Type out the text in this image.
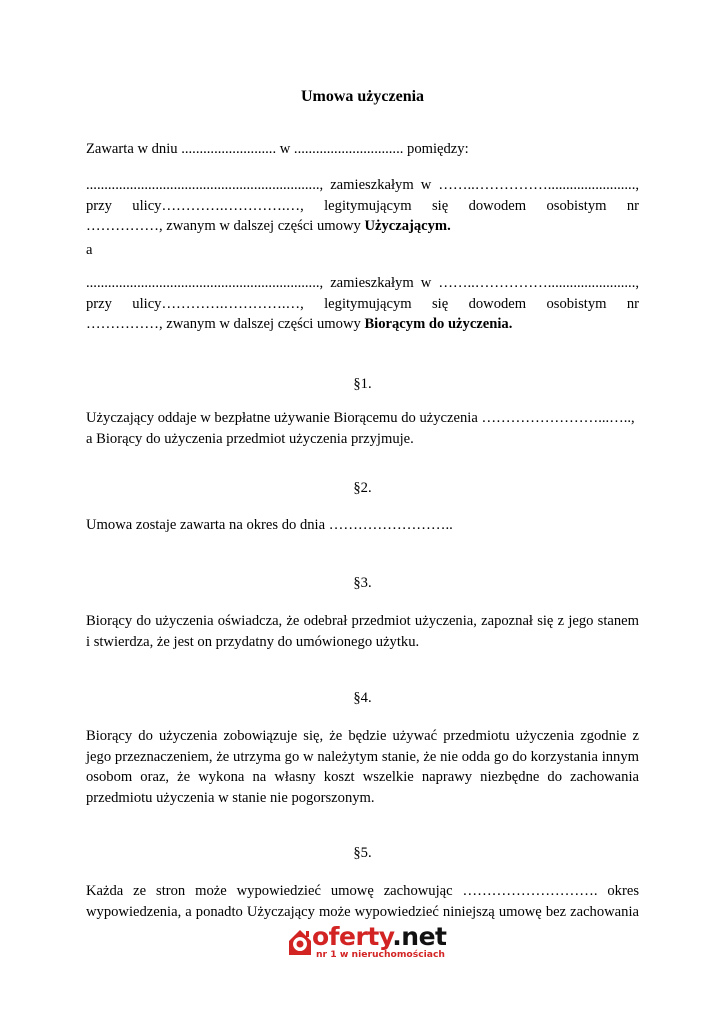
Umowa użyczenia
Zawarta w dniu .......................... w .............................. pomiędzy:
................................................................, zamieszkałym w ……..……………........................,
przy ulicy………….………….…, legitymującym się dowodem osobistym nr
……………, zwanym w dalszej części umowy Użyczającym.
a
................................................................, zamieszkałym w ……..……………........................,
przy ulicy………….………….…, legitymującym się dowodem osobistym nr
……………, zwanym w dalszej części umowy Biorącym do użyczenia.
§1.
Użyczający oddaje w bezpłatne używanie Biorącemu do użyczenia ……………………...…..,
a Biorący do użyczenia przedmiot użyczenia przyjmuje.
§2.
Umowa zostaje zawarta na okres do dnia ……………………..
§3.
Biorący do użyczenia oświadcza, że odebrał przedmiot użyczenia, zapoznał się z jego stanem
i stwierdza, że jest on przydatny do umówionego użytku.
§4.
Biorący do użyczenia zobowiązuje się, że będzie używać przedmiotu użyczenia zgodnie z
jego przeznaczeniem, że utrzyma go w należytym stanie, że nie odda go do korzystania innym
osobom oraz, że wykona na własny koszt wszelkie naprawy niezbędne do zachowania
przedmiotu użyczenia w stanie nie pogorszonym.
§5.
Każda ze stron może wypowiedzieć umowę zachowując ………………………. okres
wypowiedzenia, a ponadto Użyczający może wypowiedzieć niniejszą umowę bez zachowania
oferty.net
nr 1 w nieruchomościach
